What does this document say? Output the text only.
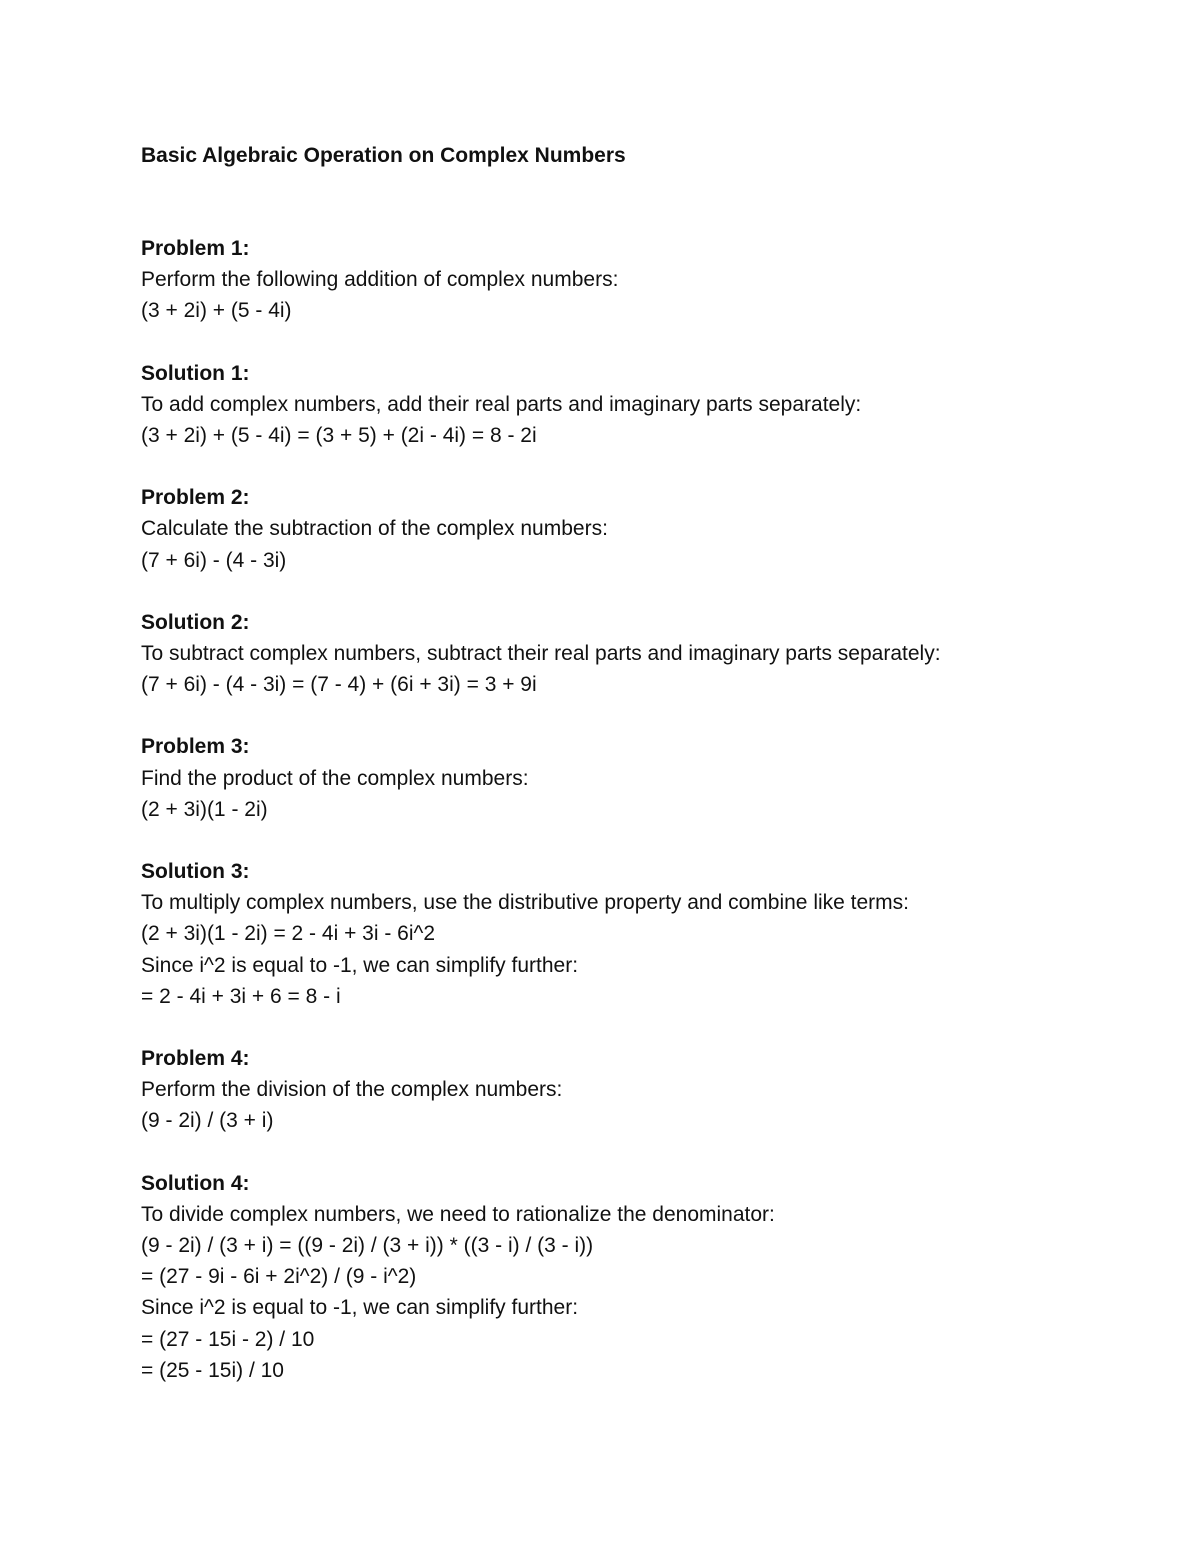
Basic Algebraic Operation on Complex Numbers
Problem 1:
Perform the following addition of complex numbers:
(3 + 2i) + (5 - 4i)
Solution 1:
To add complex numbers, add their real parts and imaginary parts separately:
(3 + 2i) + (5 - 4i) = (3 + 5) + (2i - 4i) = 8 - 2i
Problem 2:
Calculate the subtraction of the complex numbers:
(7 + 6i) - (4 - 3i)
Solution 2:
To subtract complex numbers, subtract their real parts and imaginary parts separately:
(7 + 6i) - (4 - 3i) = (7 - 4) + (6i + 3i) = 3 + 9i
Problem 3:
Find the product of the complex numbers:
(2 + 3i)(1 - 2i)
Solution 3:
To multiply complex numbers, use the distributive property and combine like terms:
(2 + 3i)(1 - 2i) = 2 - 4i + 3i - 6i^2
Since i^2 is equal to -1, we can simplify further:
= 2 - 4i + 3i + 6 = 8 - i
Problem 4:
Perform the division of the complex numbers:
(9 - 2i) / (3 + i)
Solution 4:
To divide complex numbers, we need to rationalize the denominator:
(9 - 2i) / (3 + i) = ((9 - 2i) / (3 + i)) * ((3 - i) / (3 - i))
= (27 - 9i - 6i + 2i^2) / (9 - i^2)
Since i^2 is equal to -1, we can simplify further:
= (27 - 15i - 2) / 10
= (25 - 15i) / 10
